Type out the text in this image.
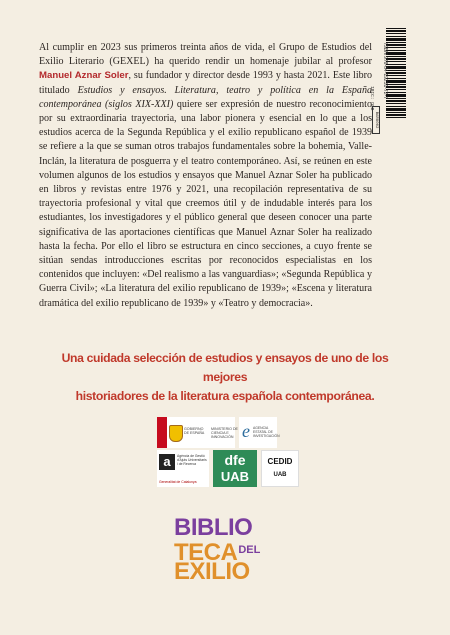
ISBN 978-84-19231-72-7
IBIC: DSB
BAR8002

Al cumplir en 2023 sus primeros treinta años de vida, el Grupo de Estudios del Exilio Literario (GEXEL) ha querido rendir un homenaje jubilar al profesor Manuel Aznar Soler, su fundador y director desde 1993 y hasta 2021. Este libro titulado Estudios y ensayos. Literatura, teatro y política en la España contemporánea (siglos XIX-XXI) quiere ser expresión de nuestro reconocimiento por su extraordinaria trayectoria, una labor pionera y esencial en lo que a los estudios acerca de la Segunda República y el exilio republicano español de 1939 se refiere a la que se suman otros trabajos fundamentales sobre la bohemia, Valle-Inclán, la literatura de posguerra y el teatro contemporáneo. Así, se reúnen en este volumen algunos de los estudios y ensayos que Manuel Aznar Soler ha publicado en libros y revistas entre 1976 y 2021, una recopilación representativa de su trayectoria profesional y vital que creemos útil y de indudable interés para los estudiantes, los investigadores y el público general que deseen conocer una parte significativa de las aportaciones científicas que Manuel Aznar Soler ha realizado hasta la fecha. Por ello el libro se estructura en cinco secciones, a cuyo frente se sitúan sendas introducciones escritas por reconocidos especialistas en los contenidos que incluyen: «Del realismo a las vanguardias»; «Segunda República y Guerra Civil»; «La literatura del exilio republicano de 1939»; «Escena y literatura dramática del exilio republicano de 1939» y «Teatro y democracia».

Una cuidada selección de estudios y ensayos de uno de los mejores
historiadores de la literatura española contemporánea.
GOBIERNO DE ESPAÑA
MINISTERIO DE CIENCIA E INNOVACIÓN e AGENCIA ESTATAL DE INVESTIGACIÓN
a	Agència de Gestió d'Ajuts Universitaris i de Recerca
Generalitat de Catalunya
dfe
UAB
CEDID
UAB
BIBLIO
$TECA^{DEL}$
EXILIO
